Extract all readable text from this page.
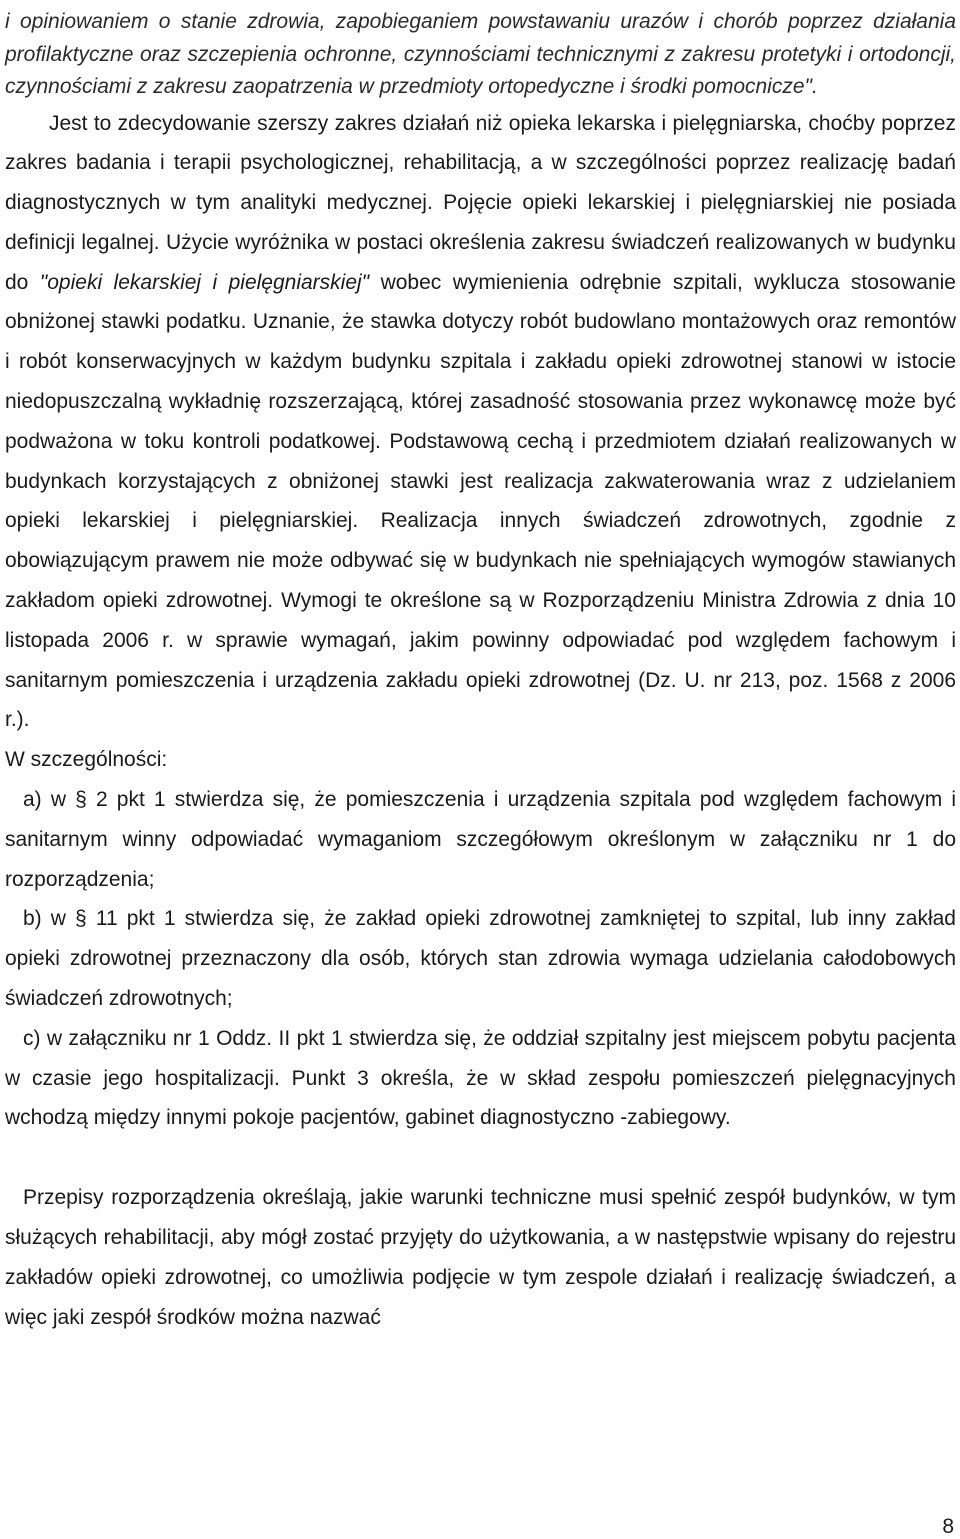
i opiniowaniem o stanie zdrowia, zapobieganiem powstawaniu urazów i chorób poprzez działania profilaktyczne oraz szczepienia ochronne, czynnościami technicznymi z zakresu protetyki i ortodoncji, czynnościami z zakresu zaopatrzenia w przedmioty ortopedyczne i środki pomocnicze".

Jest to zdecydowanie szerszy zakres działań niż opieka lekarska i pielęgniarska, choćby poprzez zakres badania i terapii psychologicznej, rehabilitacją, a w szczególności poprzez realizację badań diagnostycznych w tym analityki medycznej. Pojęcie opieki lekarskiej i pielęgniarskiej nie posiada definicji legalnej. Użycie wyróżnika w postaci określenia zakresu świadczeń realizowanych w budynku do "opieki lekarskiej i pielęgniarskiej" wobec wymienienia odrębnie szpitali, wyklucza stosowanie obniżonej stawki podatku. Uznanie, że stawka dotyczy robót budowlano montażowych oraz remontów i robót konserwacyjnych w każdym budynku szpitala i zakładu opieki zdrowotnej stanowi w istocie niedopuszczalną wykładnię rozszerzającą, której zasadność stosowania przez wykonawcę może być podważona w toku kontroli podatkowej. Podstawową cechą i przedmiotem działań realizowanych w budynkach korzystających z obniżonej stawki jest realizacja zakwaterowania wraz z udzielaniem opieki lekarskiej i pielęgniarskiej. Realizacja innych świadczeń zdrowotnych, zgodnie z obowiązującym prawem nie może odbywać się w budynkach nie spełniających wymogów stawianych zakładom opieki zdrowotnej. Wymogi te określone są w Rozporządzeniu Ministra Zdrowia z dnia 10 listopada 2006 r. w sprawie wymagań, jakim powinny odpowiadać pod względem fachowym i sanitarnym pomieszczenia i urządzenia zakładu opieki zdrowotnej (Dz. U. nr 213, poz. 1568 z 2006 r.).

W szczególności:

a) w § 2 pkt 1 stwierdza się, że pomieszczenia i urządzenia szpitala pod względem fachowym i sanitarnym winny odpowiadać wymaganiom szczegółowym określonym w załączniku nr 1 do rozporządzenia;

b) w § 11 pkt 1 stwierdza się, że zakład opieki zdrowotnej zamkniętej to szpital, lub inny zakład opieki zdrowotnej przeznaczony dla osób, których stan zdrowia wymaga udzielania całodobowych świadczeń zdrowotnych;

c) w załączniku nr 1 Oddz. II pkt 1 stwierdza się, że oddział szpitalny jest miejscem pobytu pacjenta w czasie jego hospitalizacji. Punkt 3 określa, że w skład zespołu pomieszczeń pielęgnacyjnych wchodzą między innymi pokoje pacjentów, gabinet diagnostyczno -zabiegowy.

Przepisy rozporządzenia określają, jakie warunki techniczne musi spełnić zespół budynków, w tym służących rehabilitacji, aby mógł zostać przyjęty do użytkowania, a w następstwie wpisany do rejestru zakładów opieki zdrowotnej, co umożliwia podjęcie w tym zespole działań i realizację świadczeń, a więc jaki zespół środków można nazwać

8
